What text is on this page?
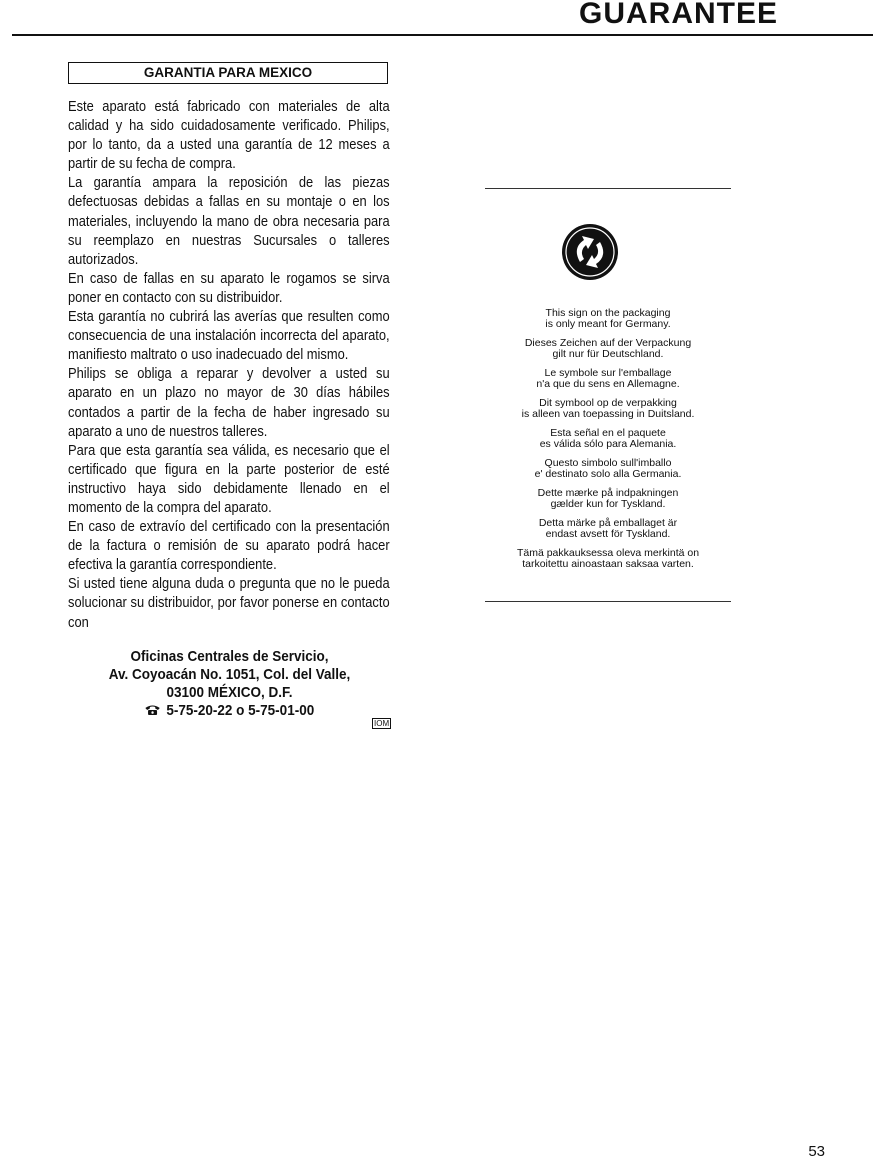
GUARANTEE
GARANTIA PARA MEXICO

Este aparato está fabricado con materiales de alta calidad y ha sido cuidadosamente verificado. Philips, por lo tanto, da a usted una garantía de 12 meses a partir de su fecha de compra.

La garantía ampara la reposición de las piezas defectuosas debidas a fallas en su montaje o en los materiales, incluyendo la mano de obra necesaria para su reemplazo en nuestras Sucursales o talleres autorizados.

En caso de fallas en su aparato le rogamos se sirva poner en contacto con su distribuidor.

Esta garantía no cubrirá las averías que resulten como consecuencia de una instalación incorrecta del aparato, manifiesto maltrato o uso inadecuado del mismo.

Philips se obliga a reparar y devolver a usted su aparato en un plazo no mayor de 30 días hábiles contados a partir de la fecha de haber ingresado su aparato a uno de nuestros talleres.

Para que esta garantía sea válida, es necesario que el certificado que figura en la parte posterior de esté instructivo haya sido debidamente llenado en el momento de la compra del aparato.

En caso de extravío del certificado con la presentación de la factura o remisión de su aparato podrá hacer efectiva la garantía correspondiente.

Si usted tiene alguna duda o pregunta que no le pueda solucionar su distribuidor, por favor ponerse en contacto con

Oficinas Centrales de Servicio,
Av. Coyoacán No. 1051, Col. del Valle,
03100 MÉXICO, D.F.
5-75-20-22 o 5-75-01-00
IOM
This sign on the packaging
is only meant for Germany.
Dieses Zeichen auf der Verpackung
gilt nur für Deutschland.
Le symbole sur l'emballage
n'a que du sens en Allemagne.
Dit symbool op de verpakking
is alleen van toepassing in Duitsland.
Esta señal en el paquete
es válida sólo para Alemania.
Questo simbolo sull'imballo
e' destinato solo alla Germania.
Dette mærke på indpakningen
gælder kun for Tyskland.
Detta märke på emballaget är
endast avsett för Tyskland.
Tämä pakkauksessa oleva merkintä on
tarkoitettu ainoastaan saksaa varten.
53
